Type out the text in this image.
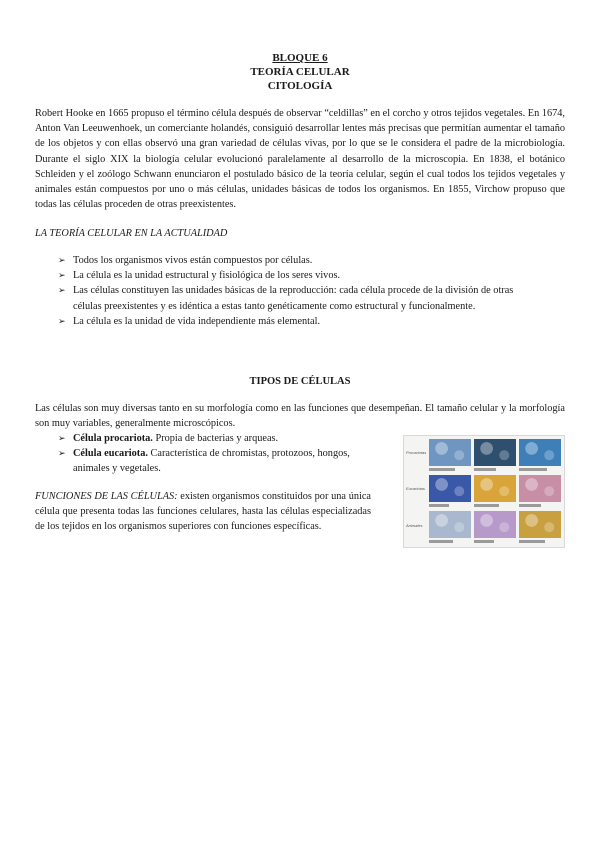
BLOQUE 6
TEORÍA CELULAR
CITOLOGÍA
Robert Hooke en 1665 propuso el término célula después de observar “celdillas” en el corcho y otros tejidos vegetales. En 1674, Anton Van Leeuwenhoek, un comerciante holandés, consiguió desarrollar lentes más precisas que permitían aumentar el tamaño de los objetos y con ellas observó una gran variedad de células vivas, por lo que se le considera el padre de la microbiología. Durante el siglo XIX la biología celular evolucionó paralelamente al desarrollo de la microscopia. En 1838, el botánico Schleiden y el zoólogo Schwann enunciaron el postulado básico de la teoría celular, según el cual todos los tejidos vegetales y animales están compuestos por uno o más células, unidades básicas de todos los organismos. En 1855, Virchow propuso que todas las células proceden de otras preexistentes.
LA TEORÍA CELULAR EN LA ACTUALIDAD
➢ Todos los organismos vivos están compuestos por células.
➢ La célula es la unidad estructural y fisiológica de los seres vivos.
➢ Las células constituyen las unidades básicas de la reproducción: cada célula procede de la división de otras
células preexistentes y es idéntica a estas tanto genéticamente como estructural y funcionalmente.
➢ La célula es la unidad de vida independiente más elemental.
TIPOS DE CÉLULAS
Las células son muy diversas tanto en su morfología como en las funciones que desempeñan. El tamaño celular y la morfología son muy variables, generalmente microscópicos.
➢ Célula procariota. Propia de bacterias y arqueas.
➢ Célula eucariota. Característica de chromistas, protozoos, hongos,
animales y vegetales.
FUNCIONES DE LAS CÉLULAS: existen organismos constituidos por una única célula que presenta todas las funciones celulares, hasta las células especializadas de los tejidos en los organismos superiores con funciones específicas.
Procariotas
Eucariotas
Animales
